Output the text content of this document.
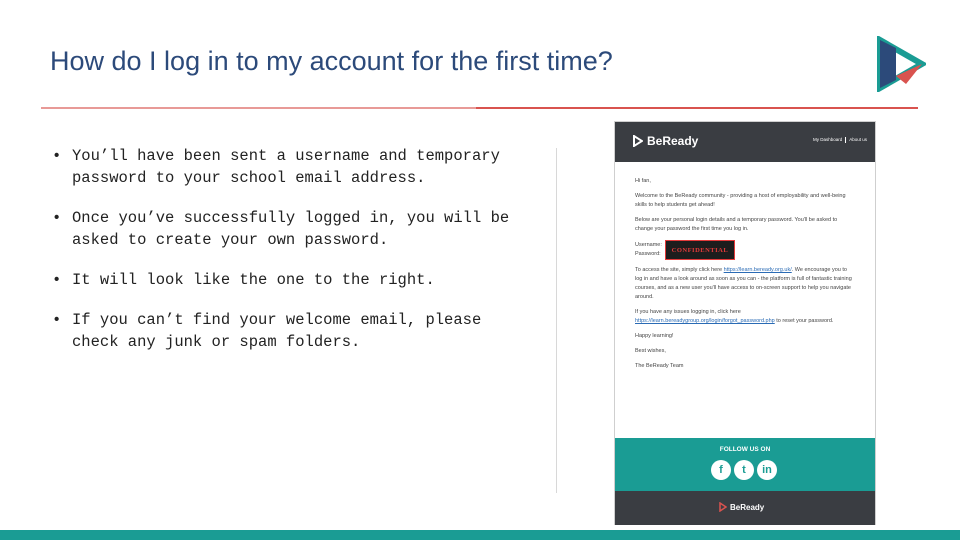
How do I log in to my account for the first time?
• You’ll have been sent a username and temporary password to your school email address.
• Once you’ve successfully logged in, you will be asked to create your own password.
• It will look like the one to the right.
• If you can’t find your welcome email, please check any junk or spam folders.
BeReady	My Dashboard About us

Hi fan,

Welcome to the BeReady community - providing a host of employability and well-being skills to help students get ahead!

Below are your personal login details and a temporary password. You'll be asked to change your password the first time you log in.

Username:
Password:
CONFIDENTIAL

To access the site, simply click here https://learn.beready.org.uk/. We encourage you to log in and have a look around as soon as you can - the platform is full of fantastic training courses, and as a new user you'll have access to on-screen support to help you navigate around.

If you have any issues logging in, click here https://learn.bereadygroup.org/login/forgot_password.php to reset your password.

Happy learning!

Best wishes,

The BeReady Team

FOLLOW US ON
f	t	in
BeReady
